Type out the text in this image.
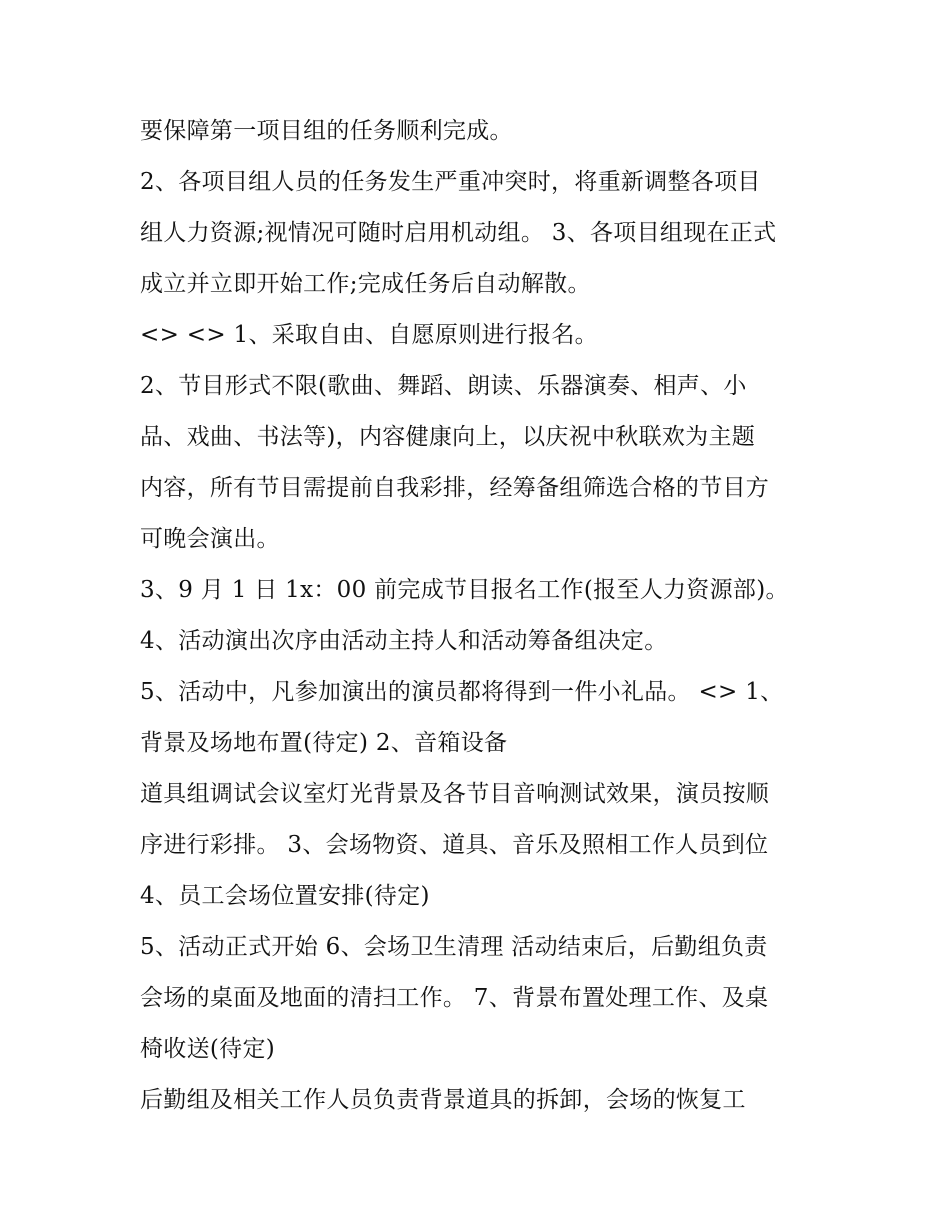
要保障第一项目组的任务顺利完成。
2、各项目组人员的任务发生严重冲突时，将重新调整各项目
组人力资源;视情况可随时启用机动组。 3、各项目组现在正式
成立并立即开始工作;完成任务后自动解散。
<> <> 1、采取自由、自愿原则进行报名。
2、节目形式不限(歌曲、舞蹈、朗读、乐器演奏、相声、小
品、戏曲、书法等)，内容健康向上，以庆祝中秋联欢为主题
内容，所有节目需提前自我彩排，经筹备组筛选合格的节目方
可晚会演出。
3、9 月 1 日 1x：00 前完成节目报名工作(报至人力资源部)。
4、活动演出次序由活动主持人和活动筹备组决定。
5、活动中，凡参加演出的演员都将得到一件小礼品。 <> 1、
背景及场地布置(待定) 2、音箱设备
道具组调试会议室灯光背景及各节目音响测试效果，演员按顺
序进行彩排。 3、会场物资、道具、音乐及照相工作人员到位
4、员工会场位置安排(待定)
5、活动正式开始 6、会场卫生清理 活动结束后，后勤组负责
会场的桌面及地面的清扫工作。 7、背景布置处理工作、及桌
椅收送(待定)
后勤组及相关工作人员负责背景道具的拆卸，会场的恢复工
